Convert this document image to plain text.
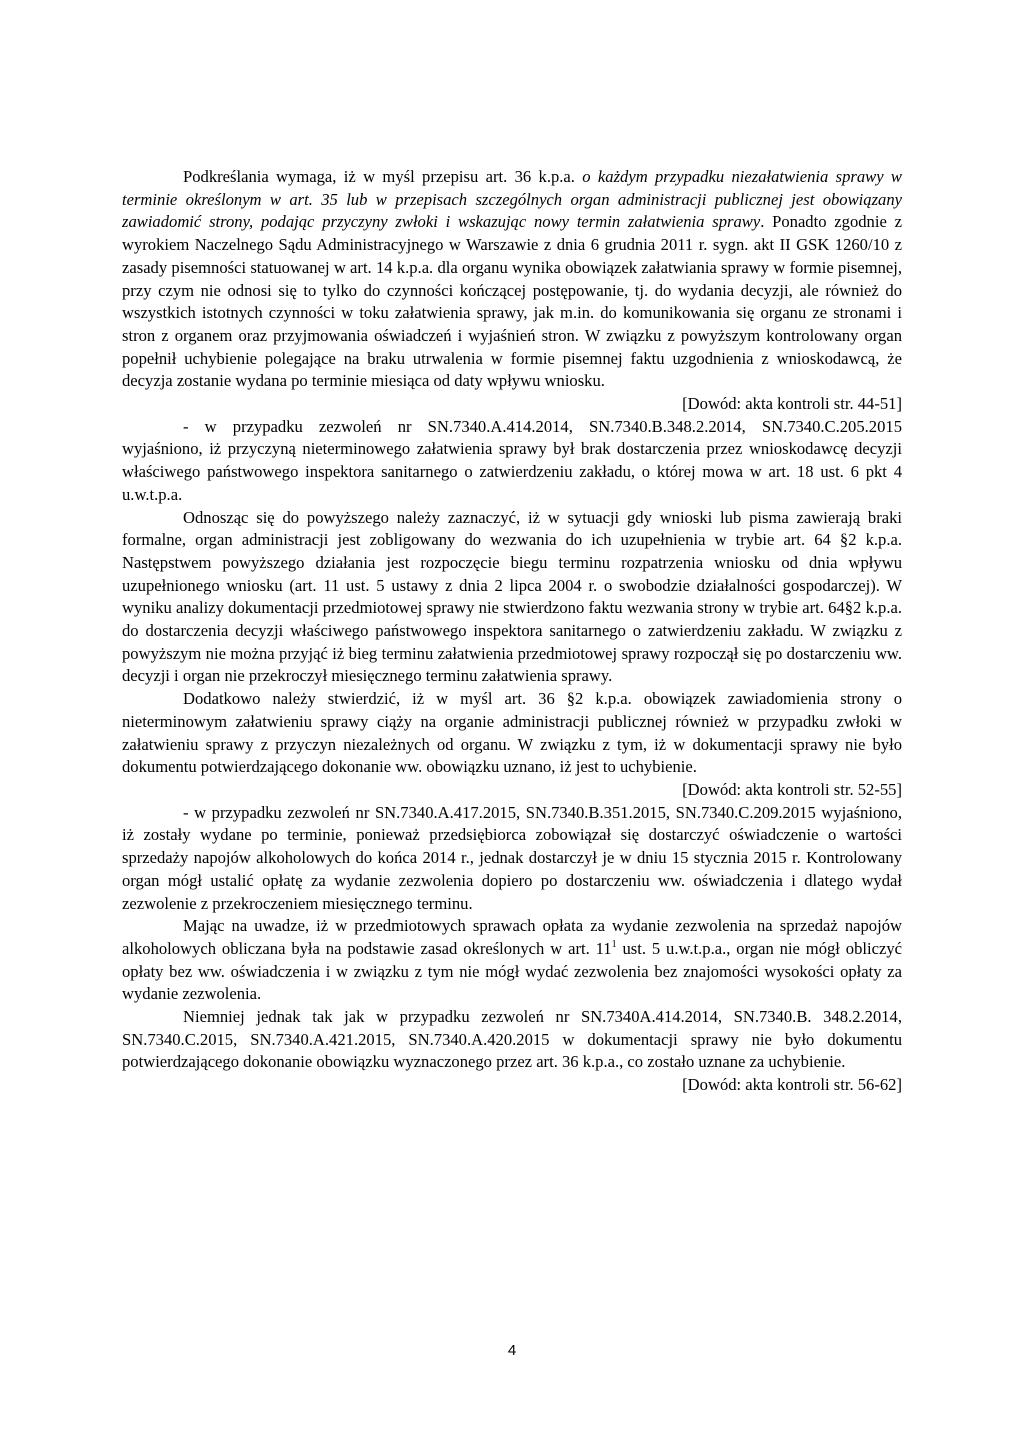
Podkreślania wymaga, iż w myśl przepisu art. 36 k.p.a. o każdym przypadku niezałatwienia sprawy w terminie określonym w art. 35 lub w przepisach szczególnych organ administracji publicznej jest obowiązany zawiadomić strony, podając przyczyny zwłoki i wskazując nowy termin załatwienia sprawy. Ponadto zgodnie z wyrokiem Naczelnego Sądu Administracyjnego w Warszawie z dnia 6 grudnia 2011 r. sygn. akt II GSK 1260/10 z zasady pisemności statuowanej w art. 14 k.p.a. dla organu wynika obowiązek załatwiania sprawy w formie pisemnej, przy czym nie odnosi się to tylko do czynności kończącej postępowanie, tj. do wydania decyzji, ale również do wszystkich istotnych czynności w toku załatwienia sprawy, jak m.in. do komunikowania się organu ze stronami i stron z organem oraz przyjmowania oświadczeń i wyjaśnień stron. W związku z powyższym kontrolowany organ popełnił uchybienie polegające na braku utrwalenia w formie pisemnej faktu uzgodnienia z wnioskodawcą, że decyzja zostanie wydana po terminie miesiąca od daty wpływu wniosku.

[Dowód: akta kontroli str. 44-51]

- w przypadku zezwoleń nr SN.7340.A.414.2014, SN.7340.B.348.2.2014, SN.7340.C.205.2015 wyjaśniono, iż przyczyną nieterminowego załatwienia sprawy był brak dostarczenia przez wnioskodawcę decyzji właściwego państwowego inspektora sanitarnego o zatwierdzeniu zakładu, o której mowa w art. 18 ust. 6 pkt 4 u.w.t.p.a.

Odnosząc się do powyższego należy zaznaczyć, iż w sytuacji gdy wnioski lub pisma zawierają braki formalne, organ administracji jest zobligowany do wezwania do ich uzupełnienia w trybie art. 64 §2 k.p.a. Następstwem powyższego działania jest rozpoczęcie biegu terminu rozpatrzenia wniosku od dnia wpływu uzupełnionego wniosku (art. 11 ust. 5 ustawy z dnia 2 lipca 2004 r. o swobodzie działalności gospodarczej). W wyniku analizy dokumentacji przedmiotowej sprawy nie stwierdzono faktu wezwania strony w trybie art. 64§2 k.p.a. do dostarczenia decyzji właściwego państwowego inspektora sanitarnego o zatwierdzeniu zakładu. W związku z powyższym nie można przyjąć iż bieg terminu załatwienia przedmiotowej sprawy rozpoczął się po dostarczeniu ww. decyzji i organ nie przekroczył miesięcznego terminu załatwienia sprawy.

Dodatkowo należy stwierdzić, iż w myśl art. 36 §2 k.p.a. obowiązek zawiadomienia strony o nieterminowym załatwieniu sprawy ciąży na organie administracji publicznej również w przypadku zwłoki w załatwieniu sprawy z przyczyn niezależnych od organu. W związku z tym, iż w dokumentacji sprawy nie było dokumentu potwierdzającego dokonanie ww. obowiązku uznano, iż jest to uchybienie.

[Dowód: akta kontroli str. 52-55]

- w przypadku zezwoleń nr SN.7340.A.417.2015, SN.7340.B.351.2015, SN.7340.C.209.2015 wyjaśniono, iż zostały wydane po terminie, ponieważ przedsiębiorca zobowiązał się dostarczyć oświadczenie o wartości sprzedaży napojów alkoholowych do końca 2014 r., jednak dostarczył je w dniu 15 stycznia 2015 r. Kontrolowany organ mógł ustalić opłatę za wydanie zezwolenia dopiero po dostarczeniu ww. oświadczenia i dlatego wydał zezwolenie z przekroczeniem miesięcznego terminu.

Mając na uwadze, iż w przedmiotowych sprawach opłata za wydanie zezwolenia na sprzedaż napojów alkoholowych obliczana była na podstawie zasad określonych w art. $11^1$ ust. 5 u.w.t.p.a., organ nie mógł obliczyć opłaty bez ww. oświadczenia i w związku z tym nie mógł wydać zezwolenia bez znajomości wysokości opłaty za wydanie zezwolenia.

Niemniej jednak tak jak w przypadku zezwoleń nr SN.7340A.414.2014, SN.7340.B. 348.2.2014, SN.7340.C.2015, SN.7340.A.421.2015, SN.7340.A.420.2015 w dokumentacji sprawy nie było dokumentu potwierdzającego dokonanie obowiązku wyznaczonego przez art. 36 k.p.a., co zostało uznane za uchybienie.

[Dowód: akta kontroli str. 56-62]

4
